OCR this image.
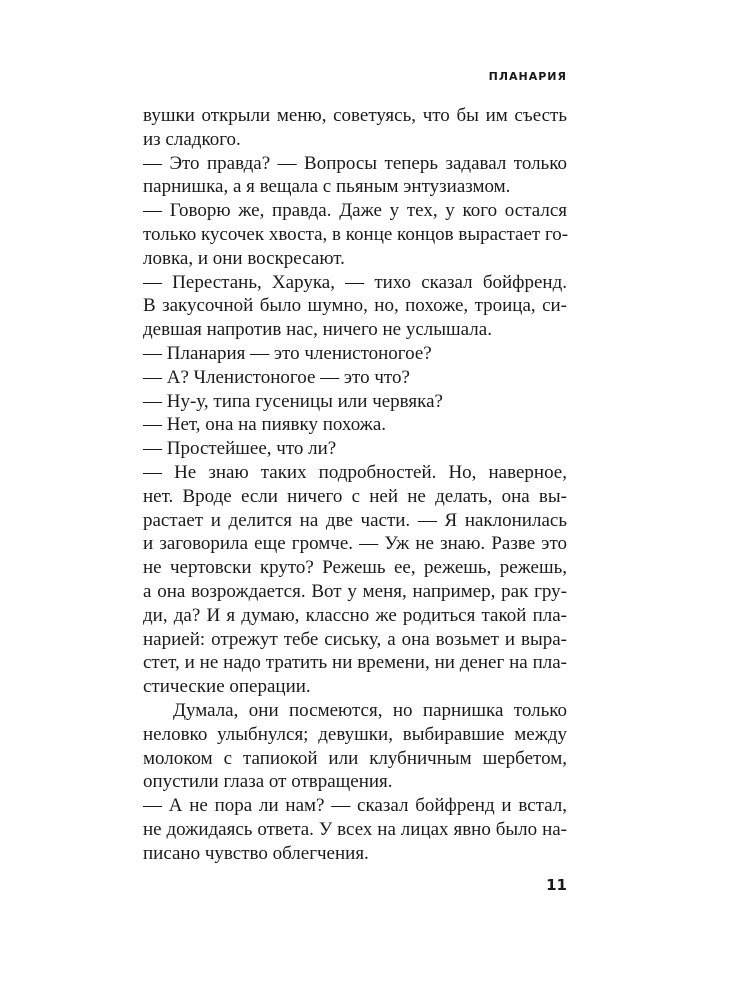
ПЛАНАРИЯ
вушки открыли меню, советуясь, что бы им съесть
из сладкого.
— Это правда? — Вопросы теперь задавал только
парнишка, а я вещала с пьяным энтузиазмом.
— Говорю же, правда. Даже у тех, у кого остался
только кусочек хвоста, в конце концов вырастает го-
ловка, и они воскресают.
— Перестань, Харука, — тихо сказал бойфренд.
В закусочной было шумно, но, похоже, троица, си-
девшая напротив нас, ничего не услышала.
— Планария — это членистоногое?
— А? Членистоногое — это что?
— Ну-у, типа гусеницы или червяка?
— Нет, она на пиявку похожа.
— Простейшее, что ли?
— Не знаю таких подробностей. Но, наверное,
нет. Вроде если ничего с ней не делать, она вы-
растает и делится на две части. — Я наклонилась
и заговорила еще громче. — Уж не знаю. Разве это
не чертовски круто? Режешь ее, режешь, режешь,
а она возрождается. Вот у меня, например, рак гру-
ди, да? И я думаю, классно же родиться такой пла-
нарией: отрежут тебе сиську, а она возьмет и выра-
стет, и не надо тратить ни времени, ни денег на пла-
стические операции.
Думала, они посмеются, но парнишка только
неловко улыбнулся; девушки, выбиравшие между
молоком с тапиокой или клубничным шербетом,
опустили глаза от отвращения.
— А не пора ли нам? — сказал бойфренд и встал,
не дожидаясь ответа. У всех на лицах явно было на-
писано чувство облегчения.
11
